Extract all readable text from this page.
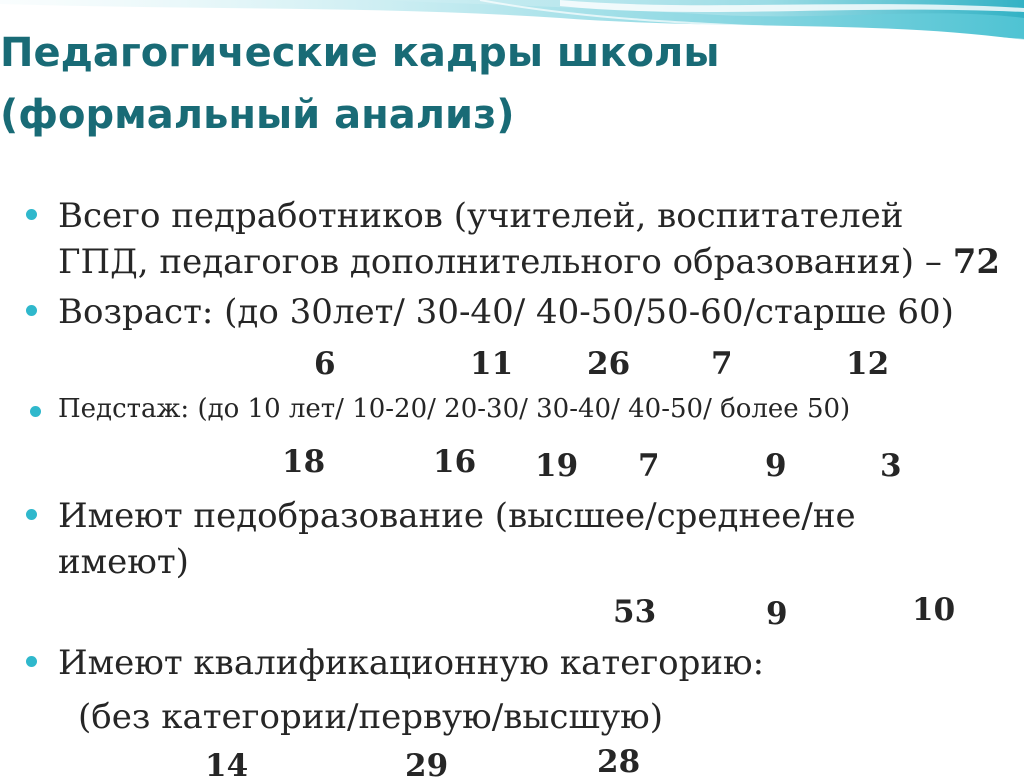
Педагогические кадры школы
(формальный анализ)
Всего педработников (учителей, воспитателей
ГПД, педагогов дополнительного образования) – 72
Возраст: (до 30лет/ 30-40/ 40-50/50-60/старше 60)
6	11 26	7	12
Педстаж: (до 10 лет/ 10-20/ 20-30/ 30-40/ 40-50/ более 50)
18	16 19 7	9	3
Имеют педобразование (высшее/среднее/не
имеют)
53	9	10
Имеют квалификационную категорию:
(без категории/первую/высшую)
14	29	28
